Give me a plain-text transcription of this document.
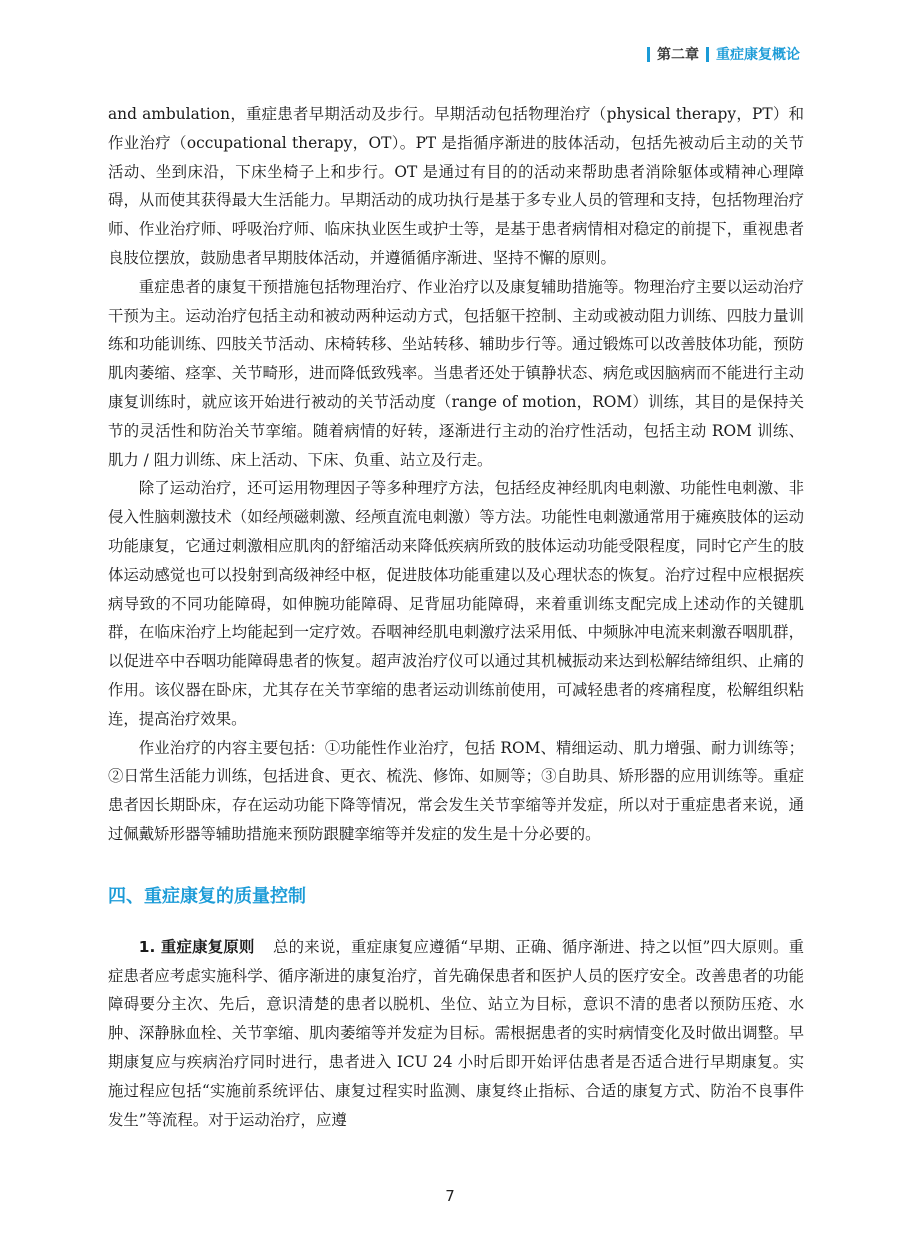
第二章 重症康复概论

and ambulation，重症患者早期活动及步行。早期活动包括物理治疗（physical therapy，PT）和作业治疗（occupational therapy，OT）。PT 是指循序渐进的肢体活动，包括先被动后主动的关节活动、坐到床沿，下床坐椅子上和步行。OT 是通过有目的的活动来帮助患者消除躯体或精神心理障碍，从而使其获得最大生活能力。早期活动的成功执行是基于多专业人员的管理和支持，包括物理治疗师、作业治疗师、呼吸治疗师、临床执业医生或护士等，是基于患者病情相对稳定的前提下，重视患者良肢位摆放，鼓励患者早期肢体活动，并遵循循序渐进、坚持不懈的原则。

重症患者的康复干预措施包括物理治疗、作业治疗以及康复辅助措施等。物理治疗主要以运动治疗干预为主。运动治疗包括主动和被动两种运动方式，包括躯干控制、主动或被动阻力训练、四肢力量训练和功能训练、四肢关节活动、床椅转移、坐站转移、辅助步行等。通过锻炼可以改善肢体功能，预防肌肉萎缩、痉挛、关节畸形，进而降低致残率。当患者还处于镇静状态、病危或因脑病而不能进行主动康复训练时，就应该开始进行被动的关节活动度（range of motion，ROM）训练，其目的是保持关节的灵活性和防治关节挛缩。随着病情的好转，逐渐进行主动的治疗性活动，包括主动 ROM 训练、肌力 / 阻力训练、床上活动、下床、负重、站立及行走。

除了运动治疗，还可运用物理因子等多种理疗方法，包括经皮神经肌肉电刺激、功能性电刺激、非侵入性脑刺激技术（如经颅磁刺激、经颅直流电刺激）等方法。功能性电刺激通常用于瘫痪肢体的运动功能康复，它通过刺激相应肌肉的舒缩活动来降低疾病所致的肢体运动功能受限程度，同时它产生的肢体运动感觉也可以投射到高级神经中枢，促进肢体功能重建以及心理状态的恢复。治疗过程中应根据疾病导致的不同功能障碍，如伸腕功能障碍、足背屈功能障碍，来着重训练支配完成上述动作的关键肌群，在临床治疗上均能起到一定疗效。吞咽神经肌电刺激疗法采用低、中频脉冲电流来刺激吞咽肌群，以促进卒中吞咽功能障碍患者的恢复。超声波治疗仪可以通过其机械振动来达到松解结缔组织、止痛的作用。该仪器在卧床，尤其存在关节挛缩的患者运动训练前使用，可减轻患者的疼痛程度，松解组织粘连，提高治疗效果。

作业治疗的内容主要包括：①功能性作业治疗，包括 ROM、精细运动、肌力增强、耐力训练等；②日常生活能力训练，包括进食、更衣、梳洗、修饰、如厕等；③自助具、矫形器的应用训练等。重症患者因长期卧床，存在运动功能下降等情况，常会发生关节挛缩等并发症，所以对于重症患者来说，通过佩戴矫形器等辅助措施来预防跟腱挛缩等并发症的发生是十分必要的。

四、重症康复的质量控制

1. 重症康复原则 总的来说，重症康复应遵循“早期、正确、循序渐进、持之以恒”四大原则。重症患者应考虑实施科学、循序渐进的康复治疗，首先确保患者和医护人员的医疗安全。改善患者的功能障碍要分主次、先后，意识清楚的患者以脱机、坐位、站立为目标，意识不清的患者以预防压疮、水肿、深静脉血栓、关节挛缩、肌肉萎缩等并发症为目标。需根据患者的实时病情变化及时做出调整。早期康复应与疾病治疗同时进行，患者进入 ICU 24 小时后即开始评估患者是否适合进行早期康复。实施过程应包括“实施前系统评估、康复过程实时监测、康复终止指标、合适的康复方式、防治不良事件发生”等流程。对于运动治疗，应遵

7
